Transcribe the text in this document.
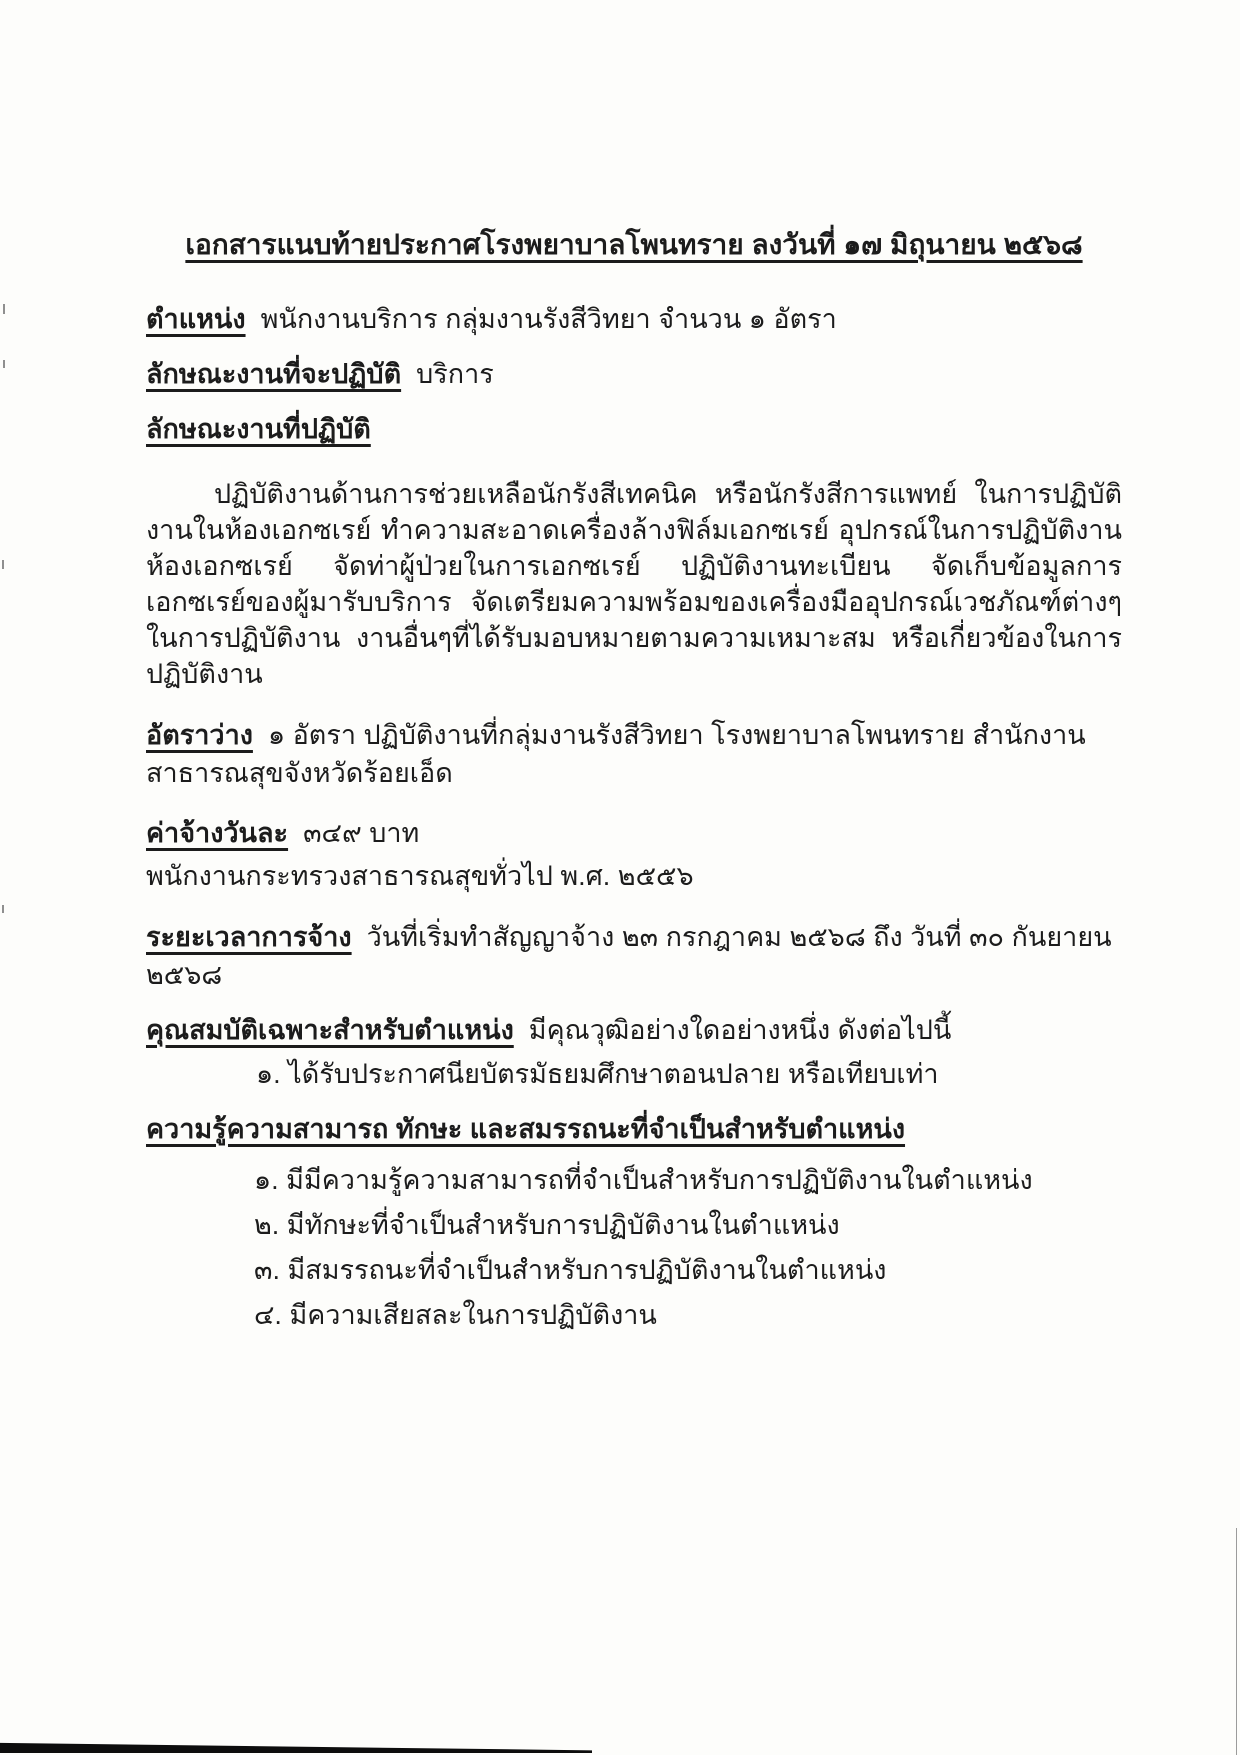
เอกสารแนบท้ายประกาศโรงพยาบาลโพนทราย ลงวันที่ ๑๗ มิถุนายน ๒๕๖๘
ตำแหน่ง พนักงานบริการ กลุ่มงานรังสีวิทยา จำนวน ๑ อัตรา
ลักษณะงานที่จะปฏิบัติ บริการ
ลักษณะงานที่ปฏิบัติ
ปฏิบัติงานด้านการช่วยเหลือนักรังสีเทคนิค หรือนักรังสีการแพทย์ ในการปฏิบัติงานในห้องเอกซเรย์ ทำความสะอาดเครื่องล้างฟิล์มเอกซเรย์ อุปกรณ์ในการปฏิบัติงานห้องเอกซเรย์ จัดท่าผู้ป่วยในการเอกซเรย์ ปฏิบัติงานทะเบียน จัดเก็บข้อมูลการเอกซเรย์ของผู้มารับบริการ จัดเตรียมความพร้อมของเครื่องมืออุปกรณ์เวชภัณฑ์ต่างๆในการปฏิบัติงาน งานอื่นๆที่ได้รับมอบหมายตามความเหมาะสม หรือเกี่ยวข้องในการปฏิบัติงาน
อัตราว่าง ๑ อัตรา ปฏิบัติงานที่กลุ่มงานรังสีวิทยา โรงพยาบาลโพนทราย สำนักงานสาธารณสุขจังหวัดร้อยเอ็ด
ค่าจ้างวันละ ๓๔๙ บาท
พนักงานกระทรวงสาธารณสุขทั่วไป พ.ศ. ๒๕๕๖
ระยะเวลาการจ้าง วันที่เริ่มทำสัญญาจ้าง ๒๓ กรกฎาคม ๒๕๖๘ ถึง วันที่ ๓๐ กันยายน ๒๕๖๘
คุณสมบัติเฉพาะสำหรับตำแหน่ง มีคุณวุฒิอย่างใดอย่างหนึ่ง ดังต่อไปนี้
๑. ได้รับประกาศนียบัตรมัธยมศึกษาตอนปลาย หรือเทียบเท่า
ความรู้ความสามารถ ทักษะ และสมรรถนะที่จำเป็นสำหรับตำแหน่ง
๑. มีมีความรู้ความสามารถที่จำเป็นสำหรับการปฏิบัติงานในตำแหน่ง
๒. มีทักษะที่จำเป็นสำหรับการปฏิบัติงานในตำแหน่ง
๓. มีสมรรถนะที่จำเป็นสำหรับการปฏิบัติงานในตำแหน่ง
๔. มีความเสียสละในการปฏิบัติงาน
